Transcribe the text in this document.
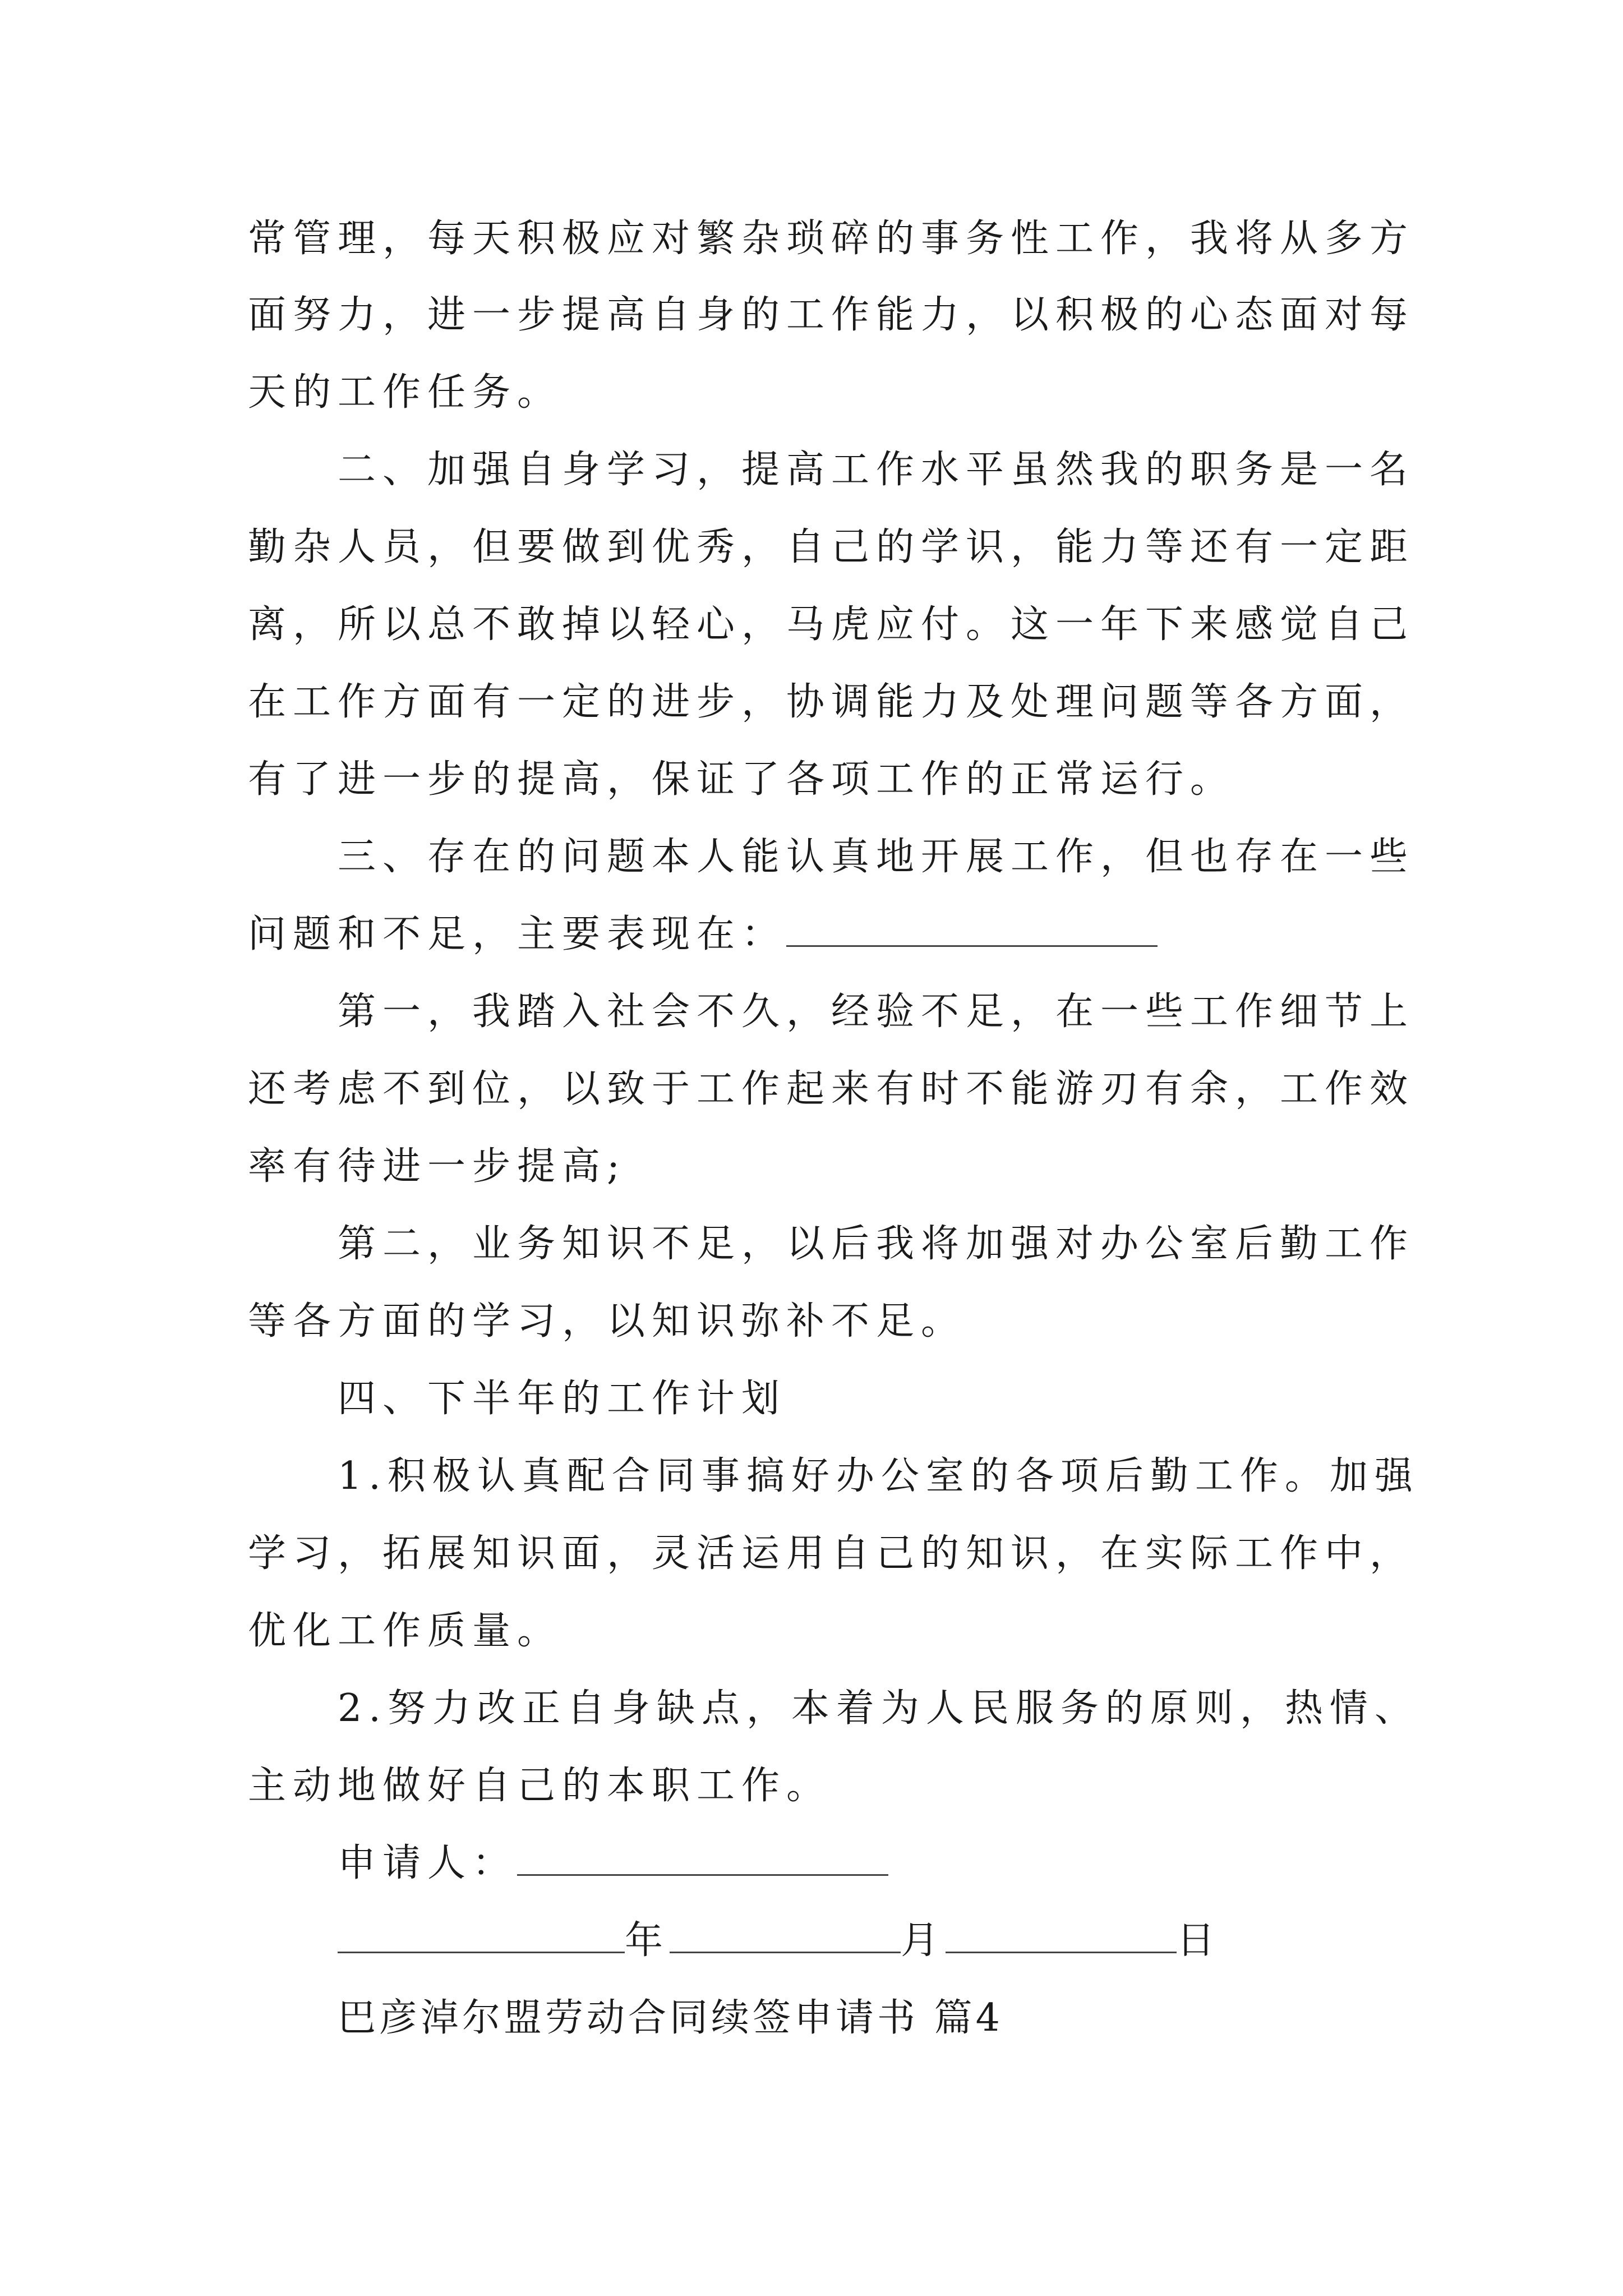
常管理，每天积极应对繁杂琐碎的事务性工作，我将从多方
面努力，进一步提高自身的工作能力，以积极的心态面对每
天的工作任务。
二、加强自身学习，提高工作水平虽然我的职务是一名
勤杂人员，但要做到优秀，自己的学识，能力等还有一定距
离，所以总不敢掉以轻心，马虎应付。这一年下来感觉自己
在工作方面有一定的进步，协调能力及处理问题等各方面，
有了进一步的提高，保证了各项工作的正常运行。
三、存在的问题本人能认真地开展工作，但也存在一些
问题和不足，主要表现在：
第一，我踏入社会不久，经验不足，在一些工作细节上
还考虑不到位，以致于工作起来有时不能游刃有余，工作效
率有待进一步提高;
第二，业务知识不足，以后我将加强对办公室后勤工作
等各方面的学习，以知识弥补不足。
四、下半年的工作计划
1.积极认真配合同事搞好办公室的各项后勤工作。加强
学习，拓展知识面，灵活运用自己的知识，在实际工作中，
优化工作质量。
2.努力改正自身缺点，本着为人民服务的原则，热情、
主动地做好自己的本职工作。
申请人：
年	月	日
巴彦淖尔盟劳动合同续签申请书 篇4
